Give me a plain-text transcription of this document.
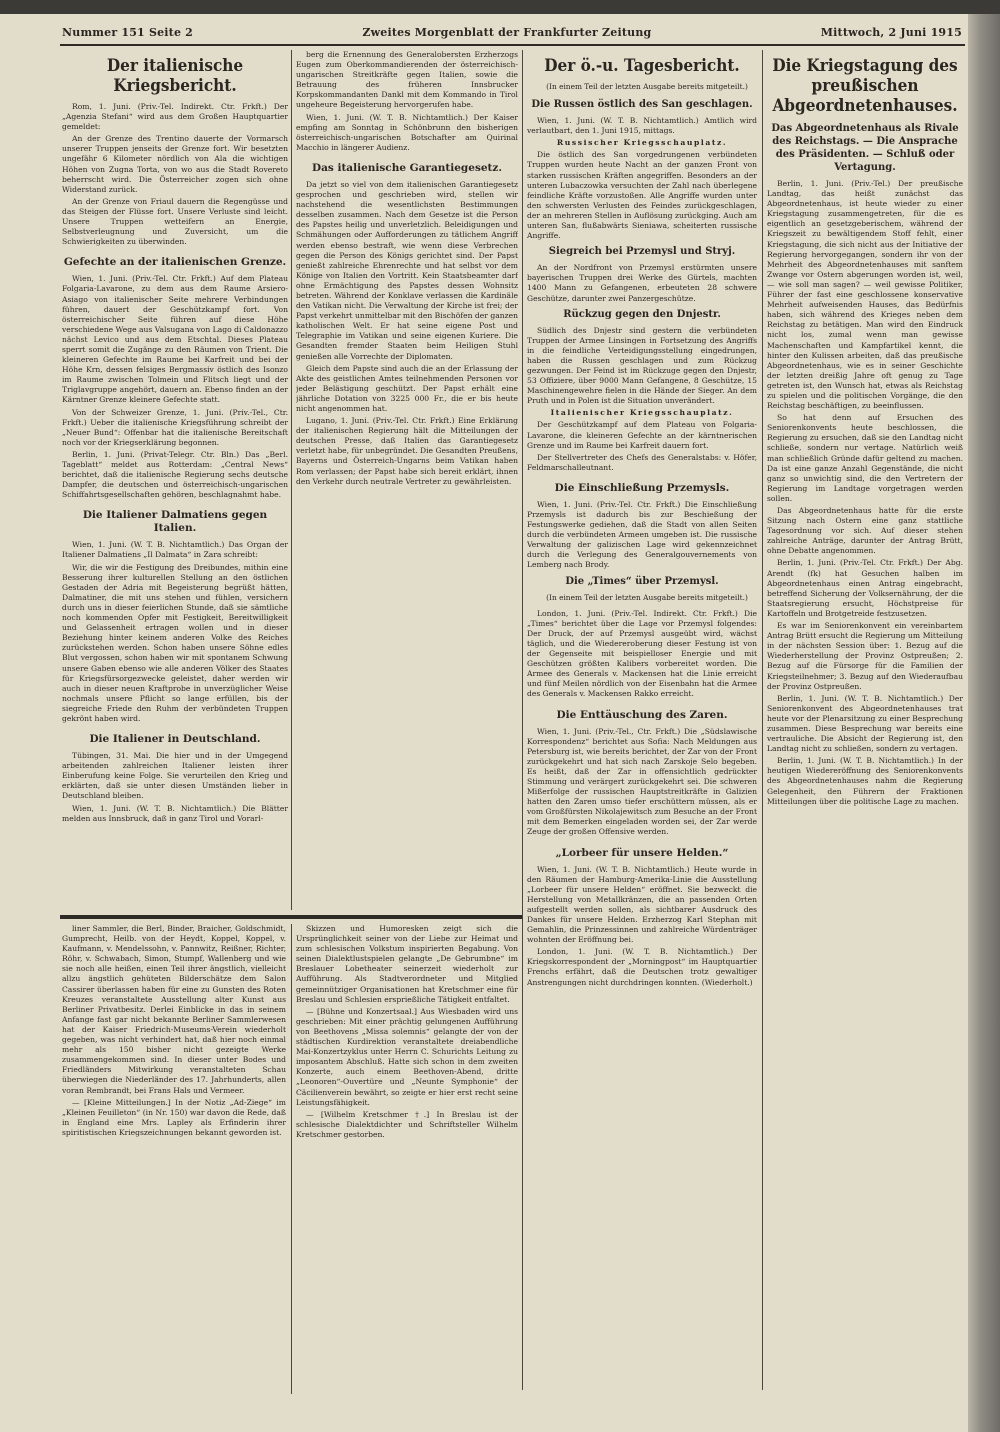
Nummer 151 Seite 2	Zweites Morgenblatt der Frankfurter Zeitung	Mittwoch, 2 Juni 1915
Der italienische Kriegsbericht.

Rom, 1. Juni. (Priv.-Tel. Indirekt. Ctr. Frkft.) Der „Agenzia Stefani“ wird aus dem Großen Hauptquartier gemeldet:

An der Grenze des Trentino dauerte der Vormarsch unserer Truppen jenseits der Grenze fort. Wir besetzten ungefähr 6 Kilometer nördlich von Ala die wichtigen Höhen von Zugna Torta, von wo aus die Stadt Rovereto beherrscht wird. Die Österreicher zogen sich ohne Widerstand zurück.

An der Grenze von Friaul dauern die Regengüsse und das Steigen der Flüsse fort. Unsere Verluste sind leicht. Unsere Truppen wetteifern an Energie, Selbstverleugnung und Zuversicht, um die Schwierigkeiten zu überwinden.

Gefechte an der italienischen Grenze.

Wien, 1. Juni. (Priv.-Tel. Ctr. Frkft.) Auf dem Plateau Folgaria-Lavarone, zu dem aus dem Raume Arsiero-Asiago von italienischer Seite mehrere Verbindungen führen, dauert der Geschützkampf fort. Von österreichischer Seite führen auf diese Höhe verschiedene Wege aus Valsugana von Lago di Caldonazzo nächst Levico und aus dem Etschtal. Dieses Plateau sperrt somit die Zugänge zu den Räumen von Trient. Die kleineren Gefechte im Raume bei Karfreit und bei der Höhe Krn, dessen felsiges Bergmassiv östlich des Isonzo im Raume zwischen Tolmein und Flitsch liegt und der Triglavgruppe angehört, dauern an. Ebenso finden an der Kärntner Grenze kleinere Gefechte statt.

Von der Schweizer Grenze, 1. Juni. (Priv.-Tel., Ctr. Frkft.) Ueber die italienische Kriegsführung schreibt der „Neuer Bund“: Offenbar hat die italienische Bereitschaft noch vor der Kriegserklärung begonnen.

Berlin, 1. Juni. (Privat-Telegr. Ctr. Bln.) Das „Berl. Tageblatt“ meldet aus Rotterdam: „Central News“ berichtet, daß die italienische Regierung sechs deutsche Dampfer, die deutschen und österreichisch-ungarischen Schiffahrtsgesellschaften gehören, beschlagnahmt habe.

Die Italiener Dalmatiens gegen Italien.

Wien, 1. Juni. (W. T. B. Nichtamtlich.) Das Organ der Italiener Dalmatiens „Il Dalmata“ in Zara schreibt:

Wir, die wir die Festigung des Dreibundes, mithin eine Besserung ihrer kulturellen Stellung an den östlichen Gestaden der Adria mit Begeisterung begrüßt hätten, Dalmatiner, die mit uns stehen und fühlen, versichern durch uns in dieser feierlichen Stunde, daß sie sämtliche noch kommenden Opfer mit Festigkeit, Bereitwilligkeit und Gelassenheit ertragen wollen und in dieser Beziehung hinter keinem anderen Volke des Reiches zurückstehen werden. Schon haben unsere Söhne edles Blut vergossen, schon haben wir mit spontanem Schwung unsere Gaben ebenso wie alle anderen Völker des Staates für Kriegsfürsorgezwecke geleistet, daher werden wir auch in dieser neuen Kraftprobe in unverzüglicher Weise nochmals unsere Pflicht so lange erfüllen, bis der siegreiche Friede den Ruhm der verbündeten Truppen gekrönt haben wird.

Die Italiener in Deutschland.

Tübingen, 31. Mai. Die hier und in der Umgegend arbeitenden zahlreichen Italiener leisten ihrer Einberufung keine Folge. Sie verurteilen den Krieg und erklärten, daß sie unter diesen Umständen lieber in Deutschland bleiben.

Wien, 1. Juni. (W. T. B. Nichtamtlich.) Die Blätter melden aus Innsbruck, daß in ganz Tirol und Vorarl-

berg die Ernennung des Generalobersten Erzherzogs Eugen zum Oberkommandierenden der österreichisch-ungarischen Streitkräfte gegen Italien, sowie die Betrauung des früheren Innsbrucker Korpskommandanten Dankl mit dem Kommando in Tirol ungeheure Begeisterung hervorgerufen habe.

Wien, 1. Juni. (W. T. B. Nichtamtlich.) Der Kaiser empfing am Sonntag in Schönbrunn den bisherigen österreichisch-ungarischen Botschafter am Quirinal Macchio in längerer Audienz.

Das italienische Garantiegesetz.

Da jetzt so viel von dem italienischen Garantiegesetz gesprochen und geschrieben wird, stellen wir nachstehend die wesentlichsten Bestimmungen desselben zusammen. Nach dem Gesetze ist die Person des Papstes heilig und unverletzlich. Beleidigungen und Schmähungen oder Aufforderungen zu tätlichem Angriff werden ebenso bestraft, wie wenn diese Verbrechen gegen die Person des Königs gerichtet sind. Der Papst genießt zahlreiche Ehrenrechte und hat selbst vor dem Könige von Italien den Vortritt. Kein Staatsbeamter darf ohne Ermächtigung des Papstes dessen Wohnsitz betreten. Während der Konklave verlassen die Kardinäle den Vatikan nicht. Die Verwaltung der Kirche ist frei; der Papst verkehrt unmittelbar mit den Bischöfen der ganzen katholischen Welt. Er hat seine eigene Post und Telegraphie im Vatikan und seine eigenen Kuriere. Die Gesandten fremder Staaten beim Heiligen Stuhl genießen alle Vorrechte der Diplomaten.

Gleich dem Papste sind auch die an der Erlassung der Akte des geistlichen Amtes teilnehmenden Personen vor jeder Belästigung geschützt. Der Papst erhält eine jährliche Dotation von 3225 000 Fr., die er bis heute nicht angenommen hat.

Lugano, 1. Juni. (Priv.-Tel. Ctr. Frkft.) Eine Erklärung der italienischen Regierung hält die Mitteilungen der deutschen Presse, daß Italien das Garantiegesetz verletzt habe, für unbegründet. Die Gesandten Preußens, Bayerns und Österreich-Ungarns beim Vatikan haben Rom verlassen; der Papst habe sich bereit erklärt, ihnen den Verkehr durch neutrale Vertreter zu gewährleisten.

Der ö.-u. Tagesbericht.

(In einem Teil der letzten Ausgabe bereits mitgeteilt.)

Die Russen östlich des San geschlagen.

Wien, 1. Juni. (W. T. B. Nichtamtlich.) Amtlich wird verlautbart, den 1. Juni 1915, mittags.

Russischer Kriegsschauplatz.

Die östlich des San vorgedrungenen verbündeten Truppen wurden heute Nacht an der ganzen Front von starken russischen Kräften angegriffen. Besonders an der unteren Lubaczowka versuchten der Zahl nach überlegene feindliche Kräfte vorzustoßen. Alle Angriffe wurden unter den schwersten Verlusten des Feindes zurückgeschlagen, der an mehreren Stellen in Auflösung zurückging. Auch am unteren San, flußabwärts Sieniawa, scheiterten russische Angriffe.

Siegreich bei Przemysl und Stryj.

An der Nordfront von Przemysl erstürmten unsere bayerischen Truppen drei Werke des Gürtels, machten 1400 Mann zu Gefangenen, erbeuteten 28 schwere Geschütze, darunter zwei Panzergeschütze.

Rückzug gegen den Dnjestr.

Südlich des Dnjestr sind gestern die verbündeten Truppen der Armee Linsingen in Fortsetzung des Angriffs in die feindliche Verteidigungsstellung eingedrungen, haben die Russen geschlagen und zum Rückzug gezwungen. Der Feind ist im Rückzuge gegen den Dnjestr, 53 Offiziere, über 9000 Mann Gefangene, 8 Geschütze, 15 Maschinengewehre fielen in die Hände der Sieger. An dem Pruth und in Polen ist die Situation unverändert.

Italienischer Kriegsschauplatz.

Der Geschützkampf auf dem Plateau von Folgaria-Lavarone, die kleineren Gefechte an der kärntnerischen Grenze und im Raume bei Karfreit dauern fort.

Der Stellvertreter des Chefs des Generalstabs: v. Höfer, Feldmarschalleutnant.

Die Einschließung Przemysls.

Wien, 1. Juni. (Priv.-Tel. Ctr. Frkft.) Die Einschließung Przemysls ist dadurch bis zur Beschießung der Festungswerke gediehen, daß die Stadt von allen Seiten durch die verbündeten Armeen umgeben ist. Die russische Verwaltung der galizischen Lage wird gekennzeichnet durch die Verlegung des Generalgouvernements von Lemberg nach Brody.

Die „Times“ über Przemysl.

(In einem Teil der letzten Ausgabe bereits mitgeteilt.)

London, 1. Juni. (Priv.-Tel. Indirekt. Ctr. Frkft.) Die „Times“ berichtet über die Lage vor Przemysl folgendes: Der Druck, der auf Przemysl ausgeübt wird, wächst täglich, und die Wiedereroberung dieser Festung ist von der Gegenseite mit beispielloser Energie und mit Geschützen größten Kalibers vorbereitet worden. Die Armee des Generals v. Mackensen hat die Linie erreicht und fünf Meilen nördlich von der Eisenbahn hat die Armee des Generals v. Mackensen Rakko erreicht.

Die Enttäuschung des Zaren.

Wien, 1. Juni. (Priv.-Tel., Ctr. Frkft.) Die „Südslawische Korrespondenz“ berichtet aus Sofia: Nach Meldungen aus Petersburg ist, wie bereits berichtet, der Zar von der Front zurückgekehrt und hat sich nach Zarskoje Selo begeben. Es heißt, daß der Zar in offensichtlich gedrückter Stimmung und verärgert zurückgekehrt sei. Die schweren Mißerfolge der russischen Hauptstreitkräfte in Galizien hatten den Zaren umso tiefer erschüttern müssen, als er vom Großfürsten Nikolajewitsch zum Besuche an der Front mit dem Bemerken eingeladen worden sei, der Zar werde Zeuge der großen Offensive werden.

„Lorbeer für unsere Helden.“

Wien, 1. Juni. (W. T. B. Nichtamtlich.) Heute wurde in den Räumen der Hamburg-Amerika-Linie die Ausstellung „Lorbeer für unsere Helden“ eröffnet. Sie bezweckt die Herstellung von Metallkränzen, die an passenden Orten aufgestellt werden sollen, als sichtbarer Ausdruck des Dankes für unsere Helden. Erzherzog Karl Stephan mit Gemahlin, die Prinzessinnen und zahlreiche Würdenträger wohnten der Eröffnung bei.

London, 1. Juni. (W. T. B. Nichtamtlich.) Der Kriegskorrespondent der „Morningpost“ im Hauptquartier Frenchs erfährt, daß die Deutschen trotz gewaltiger Anstrengungen nicht durchdringen konnten. (Wiederholt.)

Die Kriegstagung des preußischen Abgeordnetenhauses.
Das Abgeordnetenhaus als Rivale des Reichstags. — Die Ansprache des Präsidenten. — Schluß oder Vertagung.

Berlin, 1. Juni. (Priv.-Tel.) Der preußische Landtag, das heißt zunächst das Abgeordnetenhaus, ist heute wieder zu einer Kriegstagung zusammengetreten, für die es eigentlich an gesetzgeberischem, während der Kriegszeit zu bewältigendem Stoff fehlt, einer Kriegstagung, die sich nicht aus der Initiative der Regierung hervorgegangen, sondern ihr von der Mehrheit des Abgeordnetenhauses mit sanftem Zwange vor Ostern abgerungen worden ist, weil, — wie soll man sagen? — weil gewisse Politiker, Führer der fast eine geschlossene konservative Mehrheit aufweisenden Hauses, das Bedürfnis haben, sich während des Krieges neben dem Reichstag zu betätigen. Man wird den Eindruck nicht los, zumal wenn man gewisse Machenschaften und Kampfartikel kennt, die hinter den Kulissen arbeiten, daß das preußische Abgeordnetenhaus, wie es in seiner Geschichte der letzten dreißig Jahre oft genug zu Tage getreten ist, den Wunsch hat, etwas als Reichstag zu spielen und die politischen Vorgänge, die den Reichstag beschäftigen, zu beeinflussen.

So hat denn auf Ersuchen des Seniorenkonvents heute beschlossen, die Regierung zu ersuchen, daß sie den Landtag nicht schließe, sondern nur vertage. Natürlich weiß man schließlich Gründe dafür geltend zu machen. Da ist eine ganze Anzahl Gegenstände, die nicht ganz so unwichtig sind, die den Vertretern der Regierung im Landtage vorgetragen werden sollen.

Das Abgeordnetenhaus hatte für die erste Sitzung nach Ostern eine ganz stattliche Tagesordnung vor sich. Auf dieser stehen zahlreiche Anträge, darunter der Antrag Brütt, ohne Debatte angenommen.

Berlin, 1. Juni. (Priv.-Tel. Ctr. Frkft.) Der Abg. Arendt (fk) hat Gesuchen halben im Abgeordnetenhaus einen Antrag eingebracht, betreffend Sicherung der Volksernährung, der die Staatsregierung ersucht, Höchstpreise für Kartoffeln und Brotgetreide festzusetzen.

Es war im Seniorenkonvent ein vereinbartem Antrag Brütt ersucht die Regierung um Mitteilung in der nächsten Session über: 1. Bezug auf die Wiederherstellung der Provinz Ostpreußen; 2. Bezug auf die Fürsorge für die Familien der Kriegsteilnehmer; 3. Bezug auf den Wiederaufbau der Provinz Ostpreußen.

Berlin, 1. Juni. (W. T. B. Nichtamtlich.) Der Seniorenkonvent des Abgeordnetenhauses trat heute vor der Plenarsitzung zu einer Besprechung zusammen. Diese Besprechung war bereits eine vertrauliche. Die Absicht der Regierung ist, den Landtag nicht zu schließen, sondern zu vertagen.

Berlin, 1. Juni. (W. T. B. Nichtamtlich.) In der heutigen Wiedereröffnung des Seniorenkonvents des Abgeordnetenhauses nahm die Regierung Gelegenheit, den Führern der Fraktionen Mitteilungen über die politische Lage zu machen.

liner Sammler, die Berl, Binder, Braicher, Goldschmidt, Gumprecht, Heilb. von der Heydt, Koppel, Koppel, v. Kaufmann, v. Mendelssohn, v. Pannwitz, Reißner, Richter, Röhr, v. Schwabach, Simon, Stumpf, Wallenberg und wie sie noch alle heißen, einen Teil ihrer ängstlich, vielleicht allzu ängstlich gehüteten Bilderschätze dem Salon Cassirer überlassen haben für eine zu Gunsten des Roten Kreuzes veranstaltete Ausstellung alter Kunst aus Berliner Privatbesitz. Derlei Einblicke in das in seinem Anfange fast gar nicht bekannte Berliner Sammlerwesen hat der Kaiser Friedrich-Museums-Verein wiederholt gegeben, was nicht verhindert hat, daß hier noch einmal mehr als 150 bisher nicht gezeigte Werke zusammengekommen sind. In dieser unter Bodes und Friedländers Mitwirkung veranstalteten Schau überwiegen die Niederländer des 17. Jahrhunderts, allen voran Rembrandt, bei Frans Hals und Vermeer.

— [Kleine Mitteilungen.] In der Notiz „Ad-Ziege“ im „Kleinen Feuilleton“ (in Nr. 150) war davon die Rede, daß in England eine Mrs. Lapley als Erfinderin ihrer spiritistischen Kriegszeichnungen bekannt geworden ist.

Skizzen und Humoresken zeigt sich die Ursprünglichkeit seiner von der Liebe zur Heimat und zum schlesischen Volkstum inspirierten Begabung. Von seinen Dialektlustspielen gelangte „De Gebrumbne“ im Breslauer Lobetheater seinerzeit wiederholt zur Aufführung. Als Stadtverordneter und Mitglied gemeinnütziger Organisationen hat Kretschmer eine für Breslau und Schlesien ersprießliche Tätigkeit entfaltet.

— [Bühne und Konzertsaal.] Aus Wiesbaden wird uns geschrieben: Mit einer prächtig gelungenen Aufführung von Beethovens „Missa solemnis“ gelangte der von der städtischen Kurdirektion veranstaltete dreiabendliche Mai-Konzertzyklus unter Herrn C. Schurichts Leitung zu imposantem Abschluß. Hatte sich schon in dem zweiten Konzerte, auch einem Beethoven-Abend, dritte „Leonoren“-Ouvertüre und „Neunte Symphonie“ der Cäcilienverein bewährt, so zeigte er hier erst recht seine Leistungsfähigkeit.

— [Wilhelm Kretschmer †.] In Breslau ist der schlesische Dialektdichter und Schriftsteller Wilhelm Kretschmer gestorben.
